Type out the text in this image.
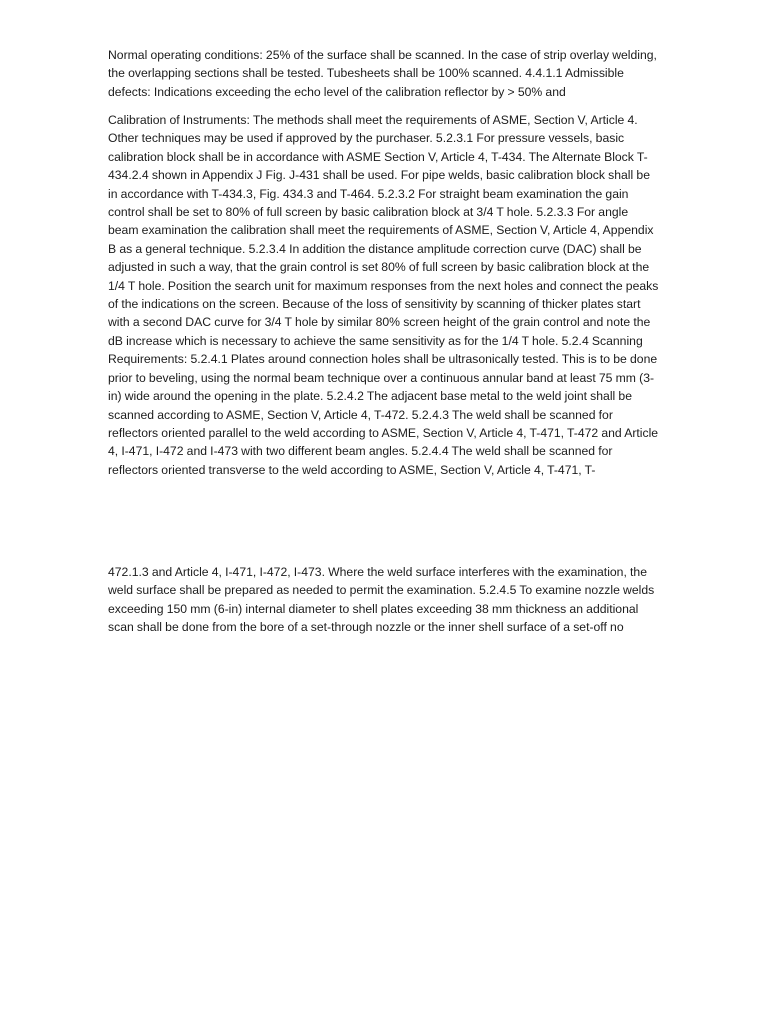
Normal operating conditions: 25% of the surface shall be scanned. In the case of strip overlay welding, the overlapping sections shall be tested. Tubesheets shall be 100% scanned. 4.4.1.1 Admissible defects: Indications exceeding the echo level of the calibration reflector by > 50% and

Calibration of Instruments: The methods shall meet the requirements of ASME, Section V, Article 4. Other techniques may be used if approved by the purchaser. 5.2.3.1 For pressure vessels, basic calibration block shall be in accordance with ASME Section V, Article 4, T-434. The Alternate Block T-434.2.4 shown in Appendix J Fig. J-431 shall be used. For pipe welds, basic calibration block shall be in accordance with T-434.3, Fig. 434.3 and T-464. 5.2.3.2 For straight beam examination the gain control shall be set to 80% of full screen by basic calibration block at 3/4 T hole. 5.2.3.3 For angle beam examination the calibration shall meet the requirements of ASME, Section V, Article 4, Appendix B as a general technique. 5.2.3.4 In addition the distance amplitude correction curve (DAC) shall be adjusted in such a way, that the grain control is set 80% of full screen by basic calibration block at the 1/4 T hole. Position the search unit for maximum responses from the next holes and connect the peaks of the indications on the screen. Because of the loss of sensitivity by scanning of thicker plates start with a second DAC curve for 3/4 T hole by similar 80% screen height of the grain control and note the dB increase which is necessary to achieve the same sensitivity as for the 1/4 T hole. 5.2.4 Scanning Requirements: 5.2.4.1 Plates around connection holes shall be ultrasonically tested. This is to be done prior to beveling, using the normal beam technique over a continuous annular band at least 75 mm (3-in) wide around the opening in the plate. 5.2.4.2 The adjacent base metal to the weld joint shall be scanned according to ASME, Section V, Article 4, T-472. 5.2.4.3 The weld shall be scanned for reflectors oriented parallel to the weld according to ASME, Section V, Article 4, T-471, T-472 and Article 4, I-471, I-472 and I-473 with two different beam angles. 5.2.4.4 The weld shall be scanned for reflectors oriented transverse to the weld according to ASME, Section V, Article 4, T-471, T-

472.1.3 and Article 4, I-471, I-472, I-473. Where the weld surface interferes with the examination, the weld surface shall be prepared as needed to permit the examination. 5.2.4.5 To examine nozzle welds exceeding 150 mm (6-in) internal diameter to shell plates exceeding 38 mm thickness an additional scan shall be done from the bore of a set-through nozzle or the inner shell surface of a set-off no
